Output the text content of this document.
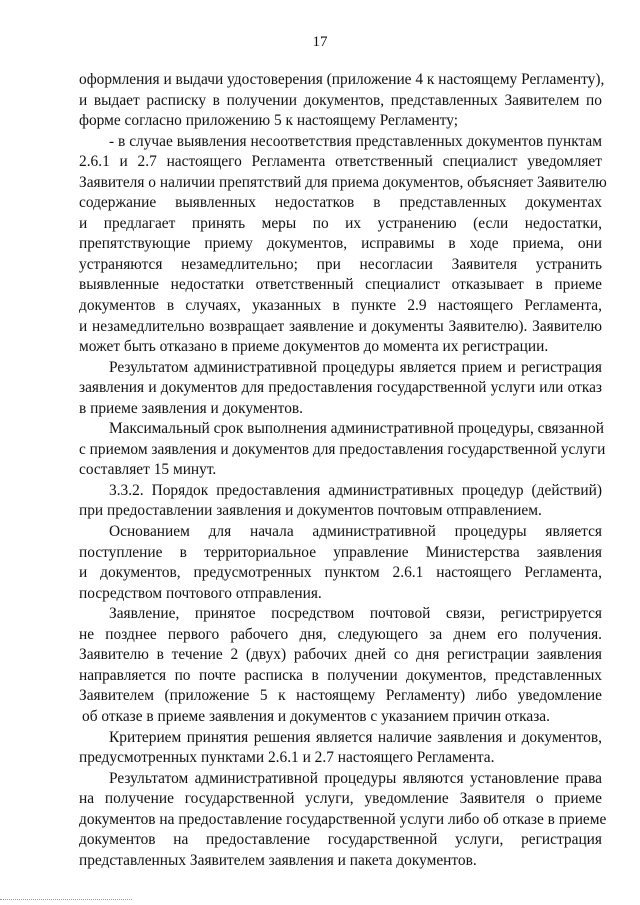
17
оформления и выдачи удостоверения (приложение 4 к настоящему Регламенту),
и выдает расписку в получении документов, представленных Заявителем по
форме согласно приложению 5 к настоящему Регламенту;
- в случае выявления несоответствия представленных документов пунктам
2.6.1 и 2.7 настоящего Регламента ответственный специалист уведомляет
Заявителя о наличии препятствий для приема документов, объясняет Заявителю
содержание выявленных недостатков в представленных документах
и предлагает принять меры по их устранению (если недостатки,
препятствующие приему документов, исправимы в ходе приема, они
устраняются незамедлительно; при несогласии Заявителя устранить
выявленные недостатки ответственный специалист отказывает в приеме
документов в случаях, указанных в пункте 2.9 настоящего Регламента,
и незамедлительно возвращает заявление и документы Заявителю). Заявителю
может быть отказано в приеме документов до момента их регистрации.
Результатом административной процедуры является прием и регистрация
заявления и документов для предоставления государственной услуги или отказ
в приеме заявления и документов.
Максимальный срок выполнения административной процедуры, связанной
с приемом заявления и документов для предоставления государственной услуги
составляет 15 минут.
3.3.2. Порядок предоставления административных процедур (действий)
при предоставлении заявления и документов почтовым отправлением.
Основанием для начала административной процедуры является
поступление в территориальное управление Министерства заявления
и документов, предусмотренных пунктом 2.6.1 настоящего Регламента,
посредством почтового отправления.
Заявление, принятое посредством почтовой связи, регистрируется
не позднее первого рабочего дня, следующего за днем его получения.
Заявителю в течение 2 (двух) рабочих дней со дня регистрации заявления
направляется по почте расписка в получении документов, представленных
Заявителем (приложение 5 к настоящему Регламенту) либо уведомление
об отказе в приеме заявления и документов с указанием причин отказа.
Критерием принятия решения является наличие заявления и документов,
предусмотренных пунктами 2.6.1 и 2.7 настоящего Регламента.
Результатом административной процедуры являются установление права
на получение государственной услуги, уведомление Заявителя о приеме
документов на предоставление государственной услуги либо об отказе в приеме
документов на предоставление государственной услуги, регистрация
представленных Заявителем заявления и пакета документов.
